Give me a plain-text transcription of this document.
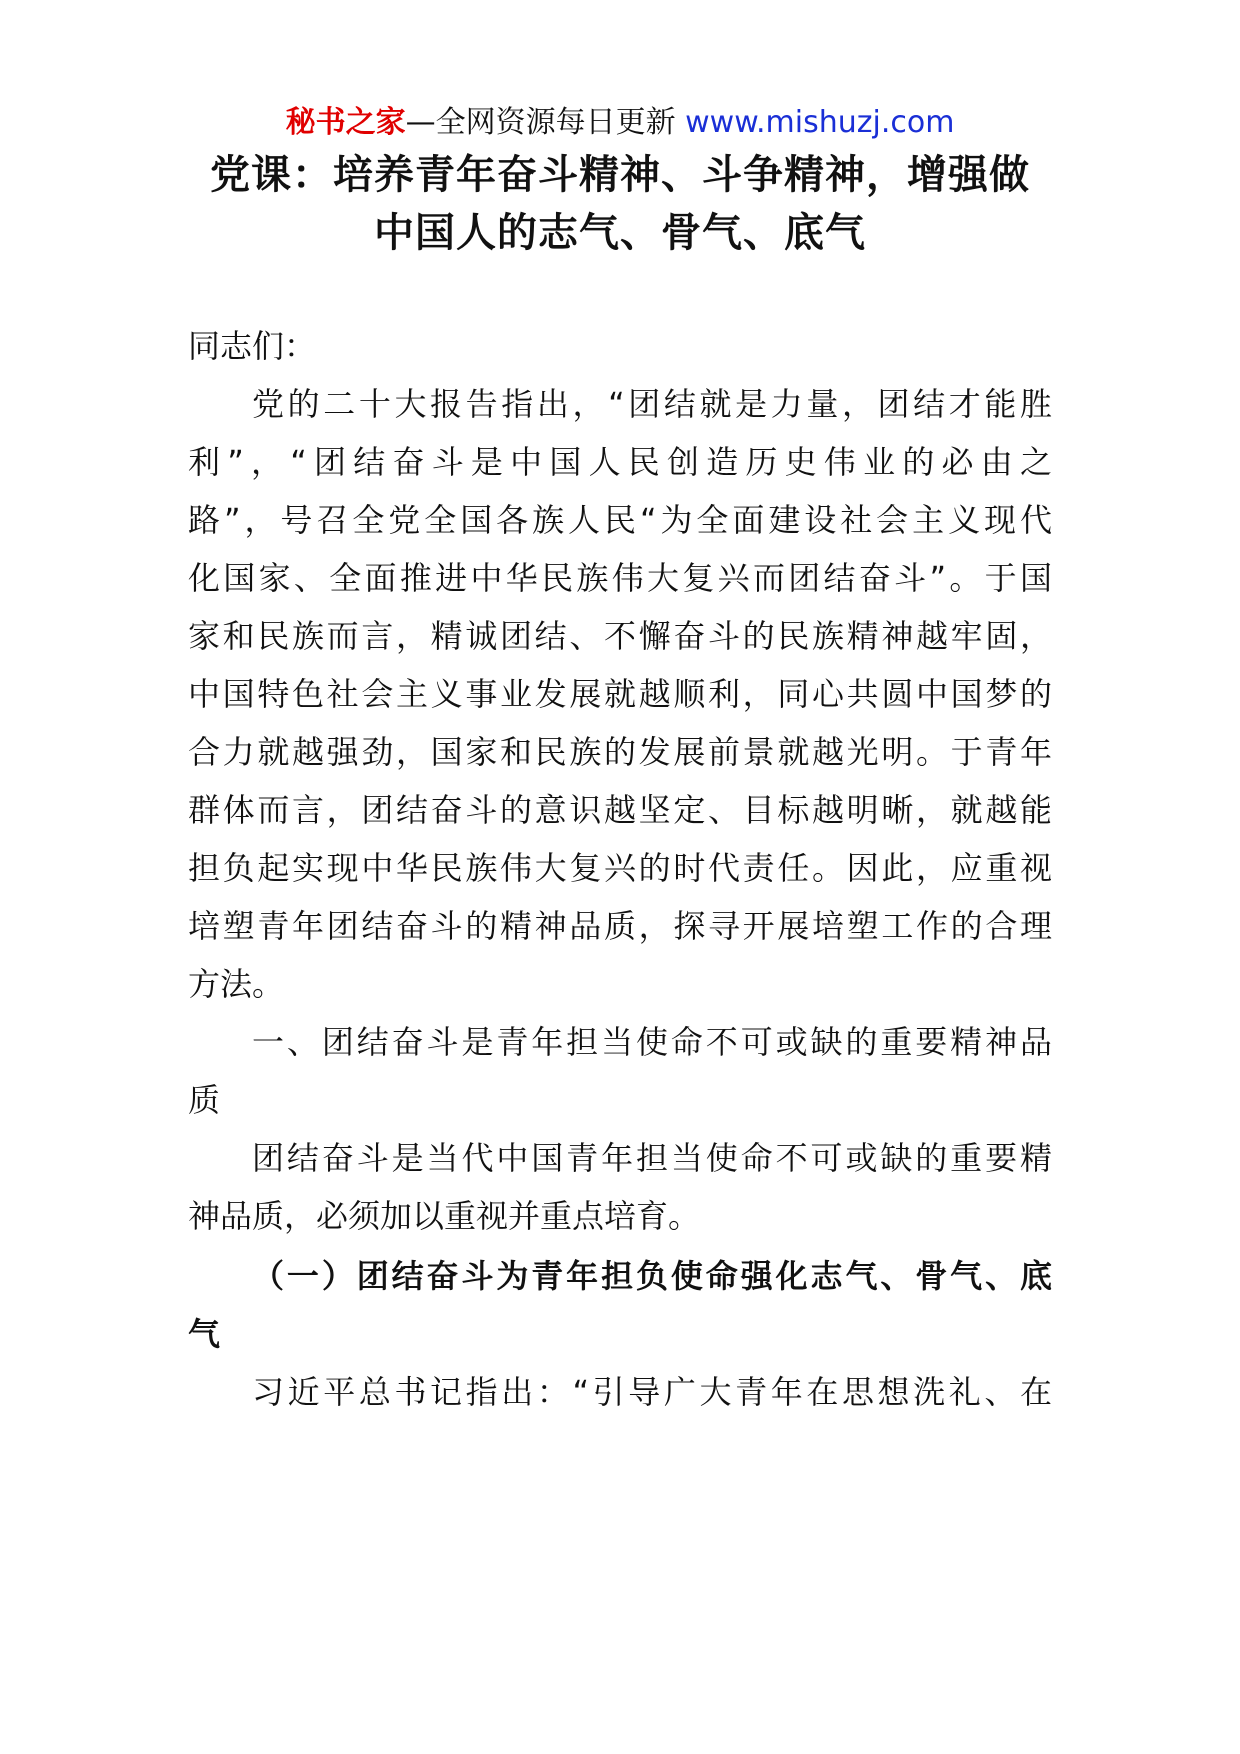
秘书之家—全网资源每日更新 www.mishuzj.com
党课：培养青年奋斗精神、斗争精神，增强做
中国人的志气、骨气、底气
同志们：
党的二十大报告指出，“团结就是力量，团结才能胜
利”，“团结奋斗是中国人民创造历史伟业的必由之
路”，号召全党全国各族人民“为全面建设社会主义现代
化国家、全面推进中华民族伟大复兴而团结奋斗”。于国
家和民族而言，精诚团结、不懈奋斗的民族精神越牢固，
中国特色社会主义事业发展就越顺利，同心共圆中国梦的
合力就越强劲，国家和民族的发展前景就越光明。于青年
群体而言，团结奋斗的意识越坚定、目标越明晰，就越能
担负起实现中华民族伟大复兴的时代责任。因此，应重视
培塑青年团结奋斗的精神品质，探寻开展培塑工作的合理
方法。
一、团结奋斗是青年担当使命不可或缺的重要精神品
质
团结奋斗是当代中国青年担当使命不可或缺的重要精
神品质，必须加以重视并重点培育。
（一）团结奋斗为青年担负使命强化志气、骨气、底
气
习近平总书记指出：“引导广大青年在思想洗礼、在
